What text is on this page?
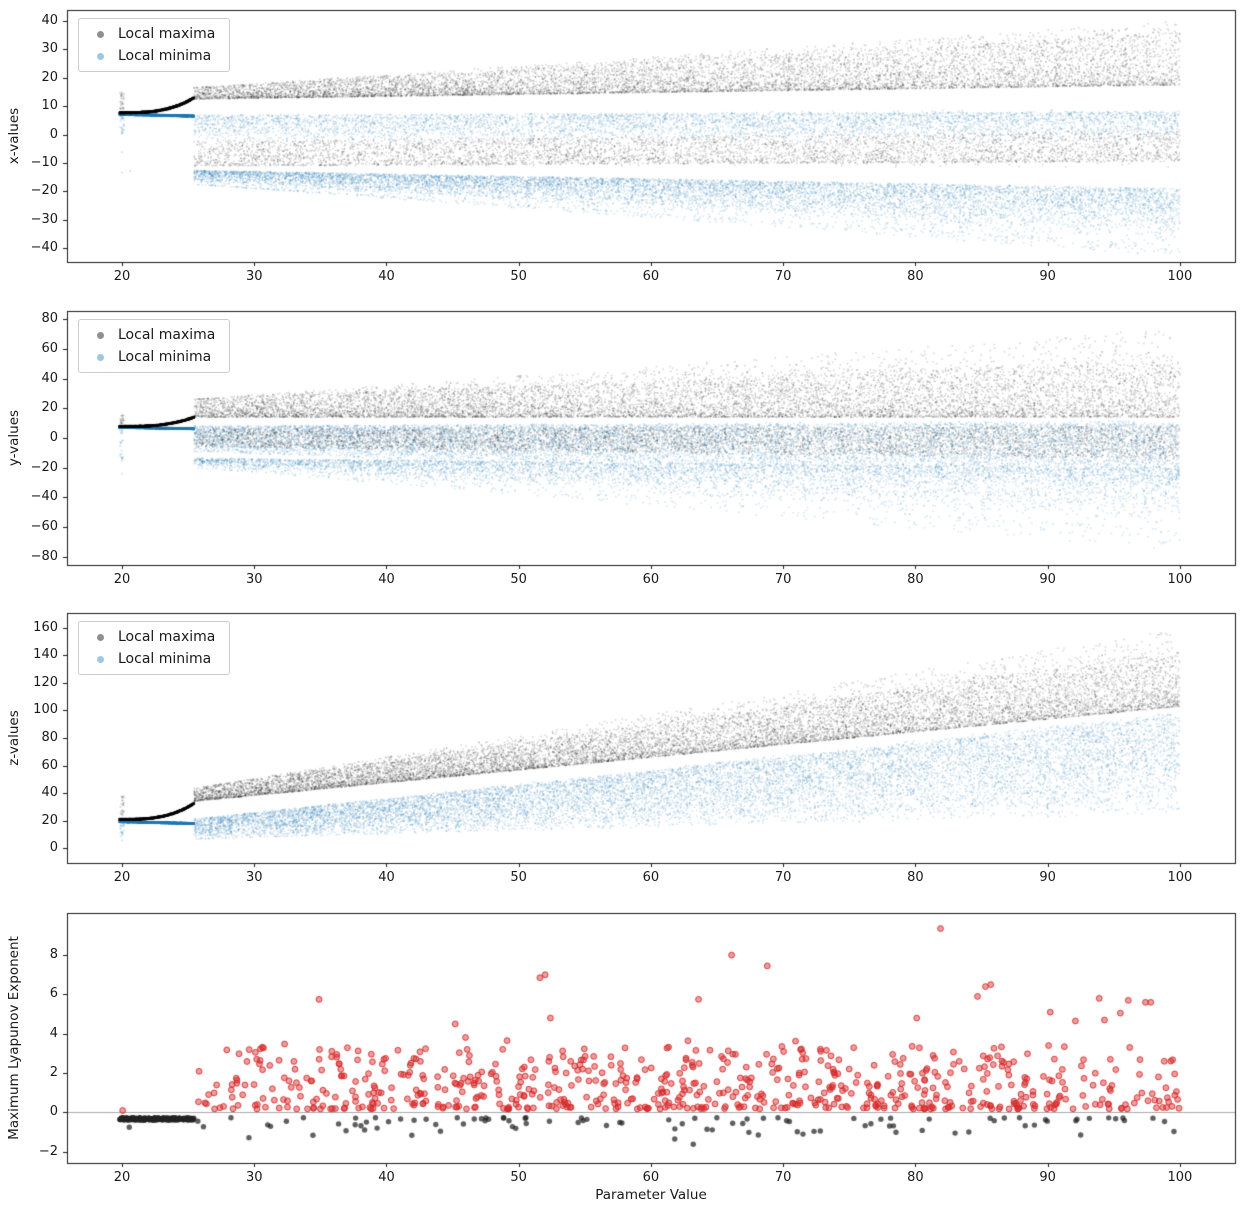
20	30	40	50	60	70	80	90	100
40
30
20
10
0
−10
−20
−30
−40
20	30	40	50	60	70	80	90	100
80
60
40
20
0
−20
−40
−60
−80
20	30	40	50	60	70	80	90	100
160
140
120
100
80
60
40
20
0
20	30	40	50	60	70	80	90	100
8
6
4
2
0
−2
x-values
y-values
z-values
Maximum Lyapunov Exponent
Parameter Value
Local maxima
Local minima
Local maxima
Local minima
Local maxima
Local minima
